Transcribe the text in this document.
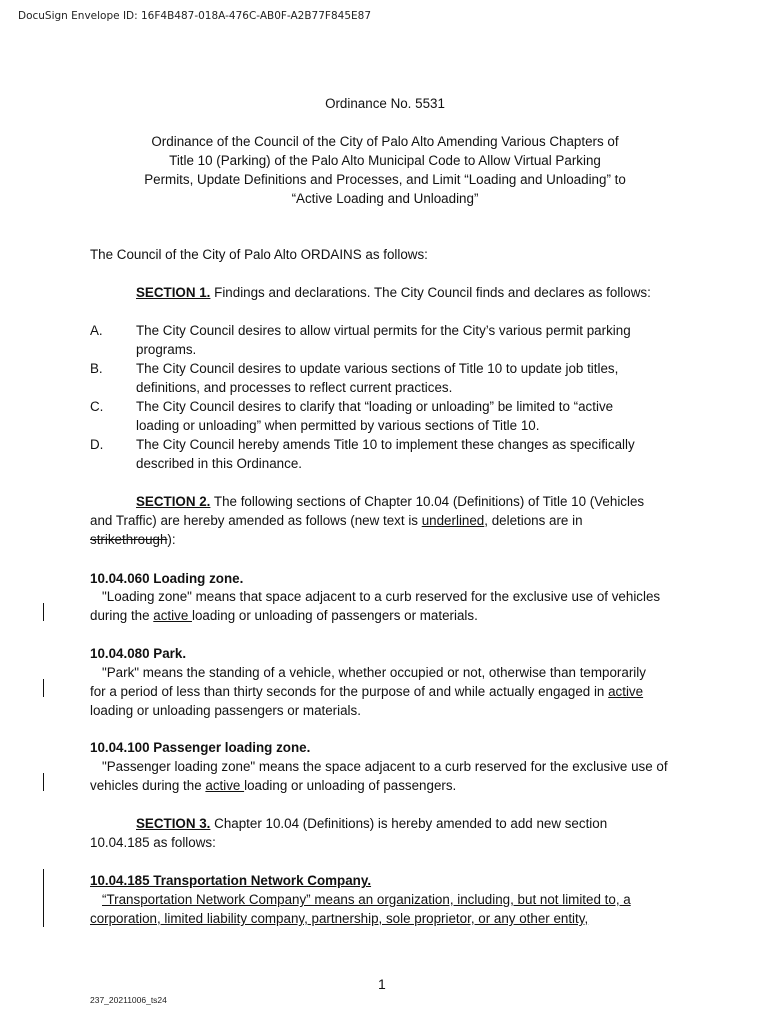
DocuSign Envelope ID: 16F4B487-018A-476C-AB0F-A2B77F845E87
Ordinance No. 5531
Ordinance of the Council of the City of Palo Alto Amending Various Chapters of
Title 10 (Parking) of the Palo Alto Municipal Code to Allow Virtual Parking
Permits, Update Definitions and Processes, and Limit “Loading and Unloading” to
“Active Loading and Unloading”
The Council of the City of Palo Alto ORDAINS as follows:
SECTION 1. Findings and declarations. The City Council finds and declares as follows:
A. The City Council desires to allow virtual permits for the City’s various permit parking
programs.
B. The City Council desires to update various sections of Title 10 to update job titles,
definitions, and processes to reflect current practices.
C. The City Council desires to clarify that “loading or unloading” be limited to “active
loading or unloading” when permitted by various sections of Title 10.
D. The City Council hereby amends Title 10 to implement these changes as specifically
described in this Ordinance.
SECTION 2. The following sections of Chapter 10.04 (Definitions) of Title 10 (Vehicles
and Traffic) are hereby amended as follows (new text is underlined, deletions are in
strikethrough):
10.04.060 Loading zone.
"Loading zone" means that space adjacent to a curb reserved for the exclusive use of vehicles
during the active loading or unloading of passengers or materials.
10.04.080 Park.
"Park" means the standing of a vehicle, whether occupied or not, otherwise than temporarily
for a period of less than thirty seconds for the purpose of and while actually engaged in active
loading or unloading passengers or materials.
10.04.100 Passenger loading zone.
"Passenger loading zone" means the space adjacent to a curb reserved for the exclusive use of
vehicles during the active loading or unloading of passengers.
SECTION 3. Chapter 10.04 (Definitions) is hereby amended to add new section
10.04.185 as follows:
10.04.185 Transportation Network Company.
“Transportation Network Company” means an organization, including, but not limited to, a
corporation, limited liability company, partnership, sole proprietor, or any other entity,
1
237_20211006_ts24
